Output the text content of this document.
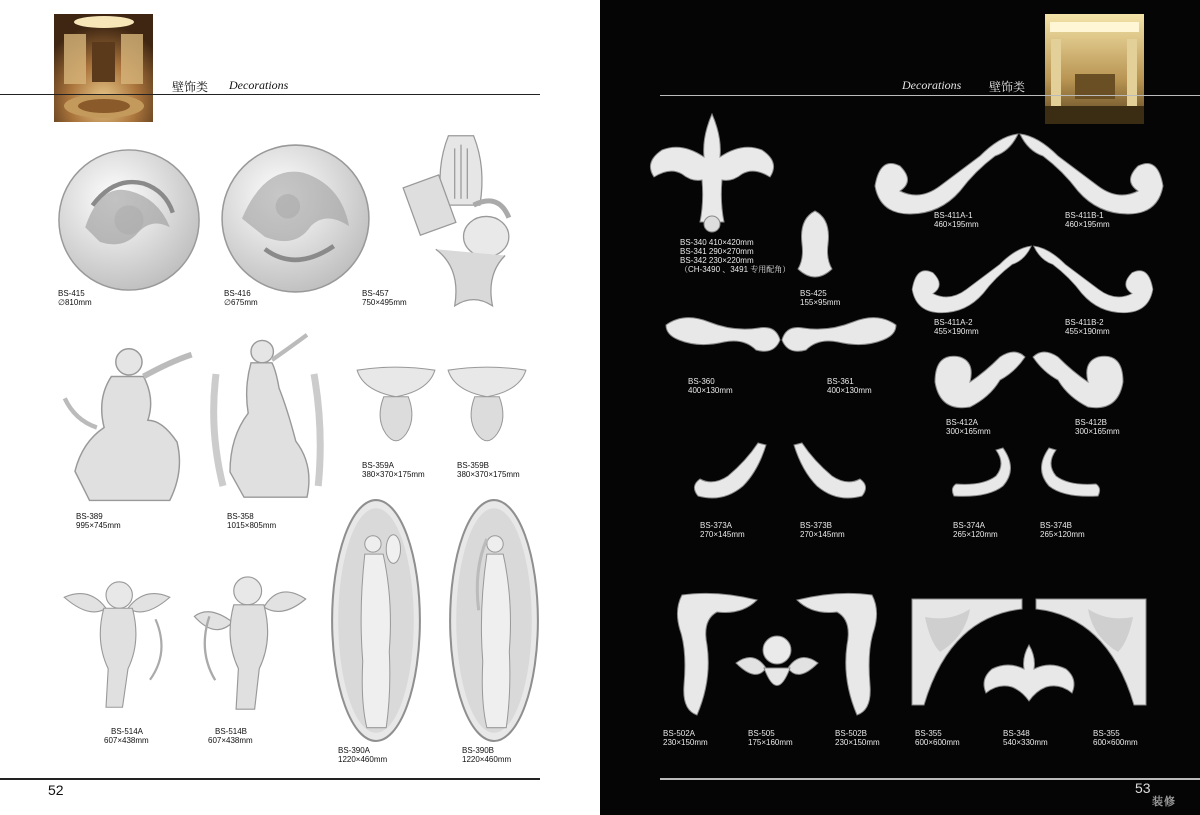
壁饰类 Decorations
BS-415
∅810mm
BS-416
∅675mm
BS-457
750×495mm
BS-389
995×745mm
BS-358
1015×805mm
BS-359A
380×370×175mm
BS-359B
380×370×175mm
BS-514A
607×438mm
BS-514B
607×438mm
BS-390A
1220×460mm
BS-390B
1220×460mm
52
Decorations 壁饰类
BS-340 410×420mm
BS-341 290×270mm
BS-342 230×220mm
（CH-3490 、3491 专用配角）
BS-425
155×95mm
BS-411A-1
460×195mm
BS-411B-1
460×195mm
BS-411A-2
455×190mm
BS-411B-2
455×190mm
BS-360
400×130mm
BS-361
400×130mm
BS-412A
300×165mm
BS-412B
300×165mm
BS-373A
270×145mm
BS-373B
270×145mm
BS-374A
265×120mm
BS-374B
265×120mm
BS-502A
230×150mm
BS-505
175×160mm
BS-502B
230×150mm
BS-355
600×600mm
BS-348
540×330mm
BS-355
600×600mm
53
装修
